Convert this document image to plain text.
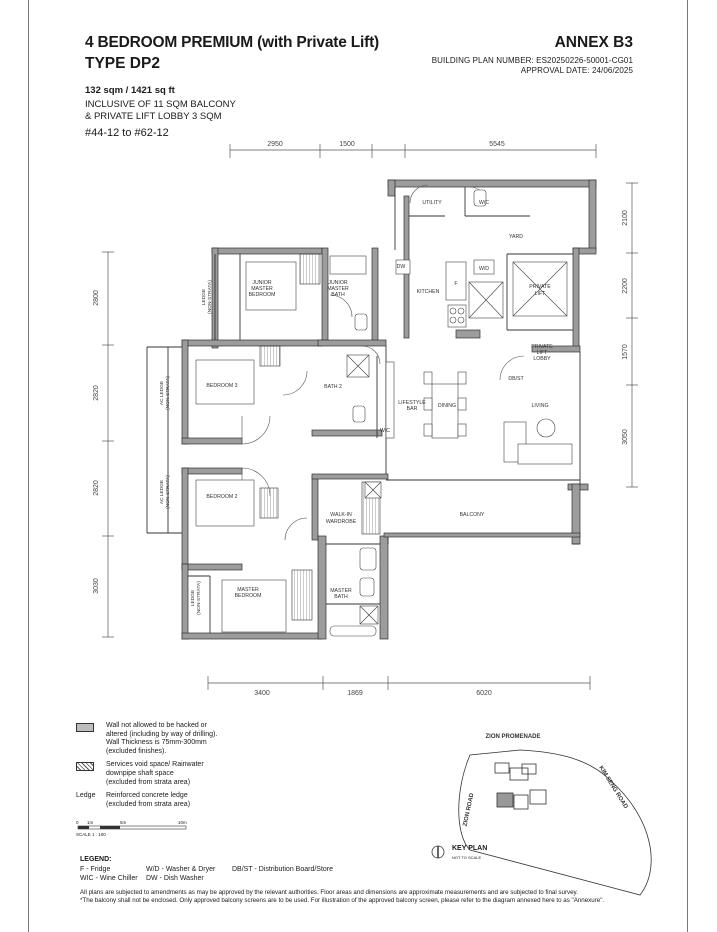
4 BEDROOM PREMIUM (with Private Lift)
TYPE DP2
ANNEX B3
BUILDING PLAN NUMBER: ES20250226-50001-CG01
APPROVAL DATE: 24/06/2025
132 sqm / 1421 sq ft
INCLUSIVE OF 11 SQM BALCONY
& PRIVATE LIFT LOBBY 3 SQM
#44-12 to #62-12
2950	1500	5545
3400	1869	6020
2800
2820
2820
3030
2100
2200
1570
3050
UTILITY	W/C
YARD
DW
KITCHEN
F
W/D
PRIVATE
LIFT
PRIVATE
LIFT
LOBBY
DB/ST
JUNIOR
MASTER
BEDROOM
JUNIOR
MASTER
BATH
BEDROOM 3	BATH 2
WIC
LIFESTYLE
BAR	DINING	LIVING
BEDROOM 2
WALK-IN
WARDROBE
BALCONY
MASTER
BEDROOM
MASTER
BATH
LEDGE (NON-STRATA)
AC LEDGE (NON-STRATA)
AC LEDGE (NON-STRATA)
LEDGE (NON-STRATA)
ZION PROMENADE
KIM SENG ROAD
ZION ROAD
KEY PLAN
NOT TO SCALE
Wall not allowed to be hacked or
altered (including by way of drilling).
Wall Thickness is 75mm-300mm
(excluded finishes).
Services void space/ Rainwater
downpipe shaft space
(excluded from strata area)
Ledge Reinforced concrete ledge
(excluded from strata area)
0 1m	5m	10m
SCALE 1 : 100
LEGEND:
F - Fridge
WIC - Wine Chiller
W/D - Washer & Dryer
DW - Dish Washer
DB/ST - Distribution Board/Store
All plans are subjected to amendments as may be approved by the relevant authorities. Floor areas and dimensions are approximate measurements and are subjected to final survey.
*The balcony shall not be enclosed. Only approved balcony screens are to be used. For illustration of the approved balcony screen, please refer to the diagram annexed here to as "Annexure".
